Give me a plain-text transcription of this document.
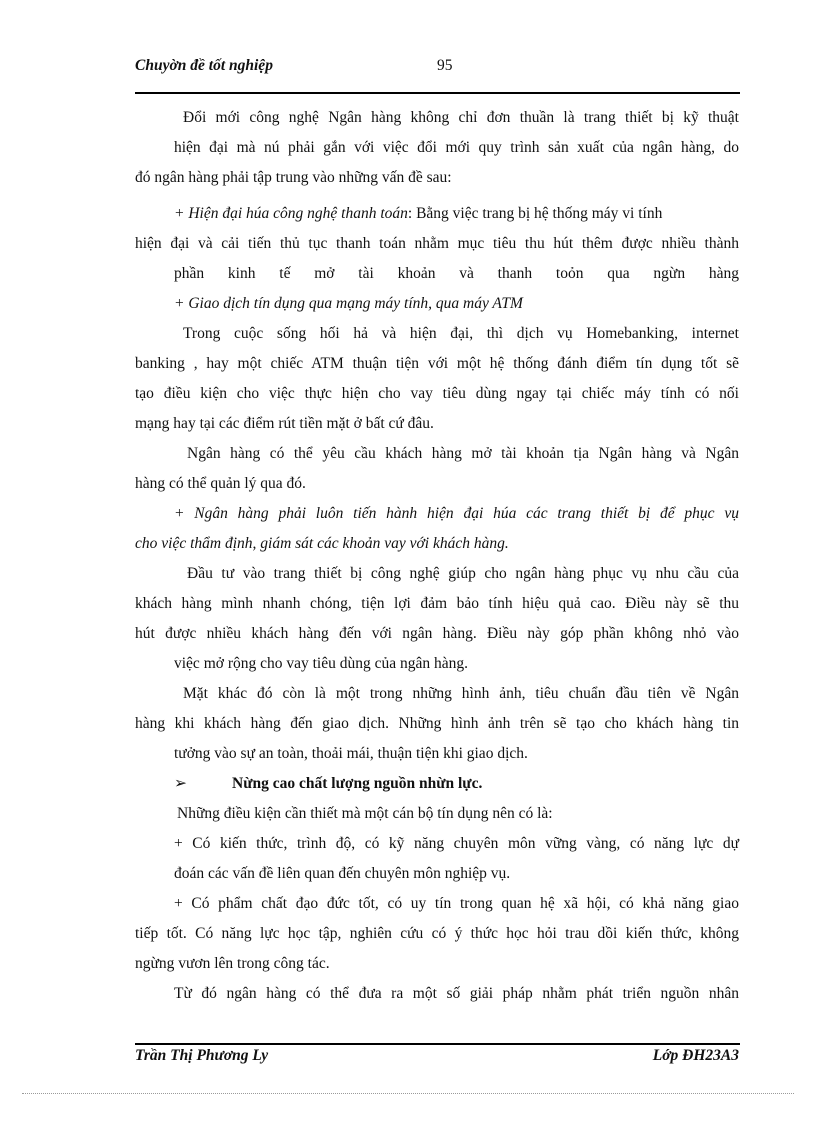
Chuyờn đề tốt nghiệp	95
Đổi mới công nghệ Ngân hàng không chỉ đơn thuần là trang thiết bị kỹ thuật
hiện đại mà nú phải gắn với việc đổi mới quy trình sản xuất của ngân hàng, do
đó ngân hàng phải tập trung vào những vấn đề sau:
+ Hiện đại húa công nghệ thanh toán: Bằng việc trang bị hệ thống máy vi tính
hiện đại và cải tiến thủ tục thanh toán nhằm mục tiêu thu hút thêm được nhiều thành
phần kinh tế mở tài khoản và thanh toỏn qua ngừn hàng
+ Giao dịch tín dụng qua mạng máy tính, qua máy ATM
Trong cuộc sống hối hả và hiện đại, thì dịch vụ Homebanking, internet
banking , hay một chiếc ATM thuận tiện với một hệ thống đánh điểm tín dụng tốt sẽ
tạo điều kiện cho việc thực hiện cho vay tiêu dùng ngay tại chiếc máy tính có nối
mạng hay tại các điểm rút tiền mặt ở bất cứ đâu.
Ngân hàng có thể yêu cầu khách hàng mở tài khoản tịa Ngân hàng và Ngân
hàng có thể quản lý qua đó.
+ Ngân hàng phải luôn tiến hành hiện đại húa các trang thiết bị để phục vụ
cho việc thẩm định, giám sát các khoản vay với khách hàng.
Đầu tư vào trang thiết bị công nghệ giúp cho ngân hàng phục vụ nhu cầu của
khách hàng mình nhanh chóng, tiện lợi đảm bảo tính hiệu quả cao. Điều này sẽ thu
hút được nhiều khách hàng đến với ngân hàng. Điều này góp phần không nhỏ vào
việc mở rộng cho vay tiêu dùng của ngân hàng.
Mặt khác đó còn là một trong những hình ảnh, tiêu chuẩn đầu tiên về Ngân
hàng khi khách hàng đến giao dịch. Những hình ảnh trên sẽ tạo cho khách hàng tin
tưởng vào sự an toàn, thoải mái, thuận tiện khi giao dịch.
➢	Nừng cao chất lượng nguồn nhừn lực.
Những điều kiện cần thiết mà một cán bộ tín dụng nên có là:
+ Có kiến thức, trình độ, có kỹ năng chuyên môn vững vàng, có năng lực dự
đoán các vấn đề liên quan đến chuyên môn nghiệp vụ.
+ Có phẩm chất đạo đức tốt, có uy tín trong quan hệ xã hội, có khả năng giao
tiếp tốt. Có năng lực học tập, nghiên cứu có ý thức học hỏi trau dồi kiến thức, không
ngừng vươn lên trong công tác.
Từ đó ngân hàng có thể đưa ra một số giải pháp nhằm phát triển nguồn nhân
Trần Thị Phương Ly	Lớp ĐH23A3
